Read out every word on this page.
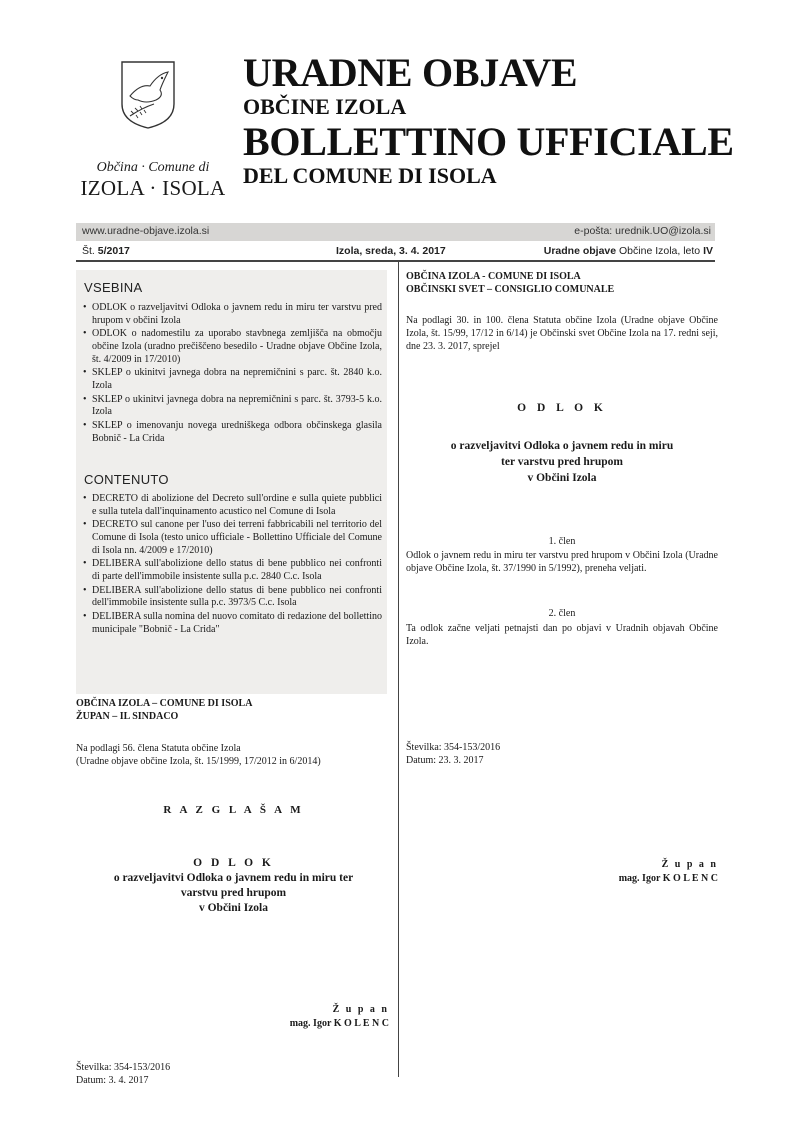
Občina · Comune di
IZOLA · ISOLA
URADNE OBJAVE
OBČINE IZOLA
BOLLETTINO UFFICIALE
DEL COMUNE DI ISOLA
www.uradne-objave.izola.si	e-pošta: urednik.UO@izola.si
Št. 5/2017	Izola, sreda, 3. 4. 2017	Uradne objave Občine Izola, leto IV
VSEBINA
• ODLOK o razveljavitvi Odloka o javnem redu in miru ter varstvu pred hrupom v občini Izola
• ODLOK o nadomestilu za uporabo stavbnega zemljišča na območju občine Izola (uradno prečiščeno besedilo - Uradne objave Občine Izola, št. 4/2009 in 17/2010)
• SKLEP o ukinitvi javnega dobra na nepremičnini s parc. št. 2840 k.o. Izola
• SKLEP o ukinitvi javnega dobra na nepremičnini s parc. št. 3793-5 k.o. Izola
• SKLEP o imenovanju novega uredniškega odbora občinskega glasila Bobnič - La Crida
CONTENUTO
• DECRETO di abolizione del Decreto sull'ordine e sulla quiete pubblici e sulla tutela dall'inquinamento acustico nel Comune di Isola
• DECRETO sul canone per l'uso dei terreni fabbricabili nel territorio del Comune di Isola (testo unico ufficiale - Bollettino Ufficiale del Comune di Isola nn. 4/2009 e 17/2010)
• DELIBERA sull'abolizione dello status di bene pubblico nei confronti di parte dell'immobile insistente sulla p.c. 2840 C.c. Isola
• DELIBERA sull'abolizione dello status di bene pubblico nei confronti dell'immobile insistente sulla p.c. 3973/5 C.c. Isola
• DELIBERA sulla nomina del nuovo comitato di redazione del bollettino municipale "Bobnič - La Crida"
OBČINA IZOLA – COMUNE DI ISOLA
ŽUPAN – IL SINDACO
Na podlagi 56. člena Statuta občine Izola
(Uradne objave občine Izola, št. 15/1999, 17/2012 in 6/2014)
R A Z G L A Š A M
O D L O K
o razveljavitvi Odloka o javnem redu in miru ter
varstvu pred hrupom
v Občini Izola
Ž u p a n
mag. Igor K O L E N C
Številka: 354-153/2016
Datum: 3. 4. 2017
OBČINA IZOLA - COMUNE DI ISOLA
OBČINSKI SVET – CONSIGLIO COMUNALE
Na podlagi 30. in 100. člena Statuta občine Izola (Uradne objave Občine Izola, št. 15/99, 17/12 in 6/14) je Občinski svet Občine Izola na 17. redni seji, dne 23. 3. 2017, sprejel
O D L O K
o razveljavitvi Odloka o javnem redu in miru
ter varstvu pred hrupom
v Občini Izola
1. člen
Odlok o javnem redu in miru ter varstvu pred hrupom v Občini Izola (Uradne objave Občine Izola, št. 37/1990 in 5/1992), preneha veljati.
2. člen
Ta odlok začne veljati petnajsti dan po objavi v Uradnih objavah Občine Izola.
Številka: 354-153/2016
Datum: 23. 3. 2017
Ž u p a n
mag. Igor K O L E N C
